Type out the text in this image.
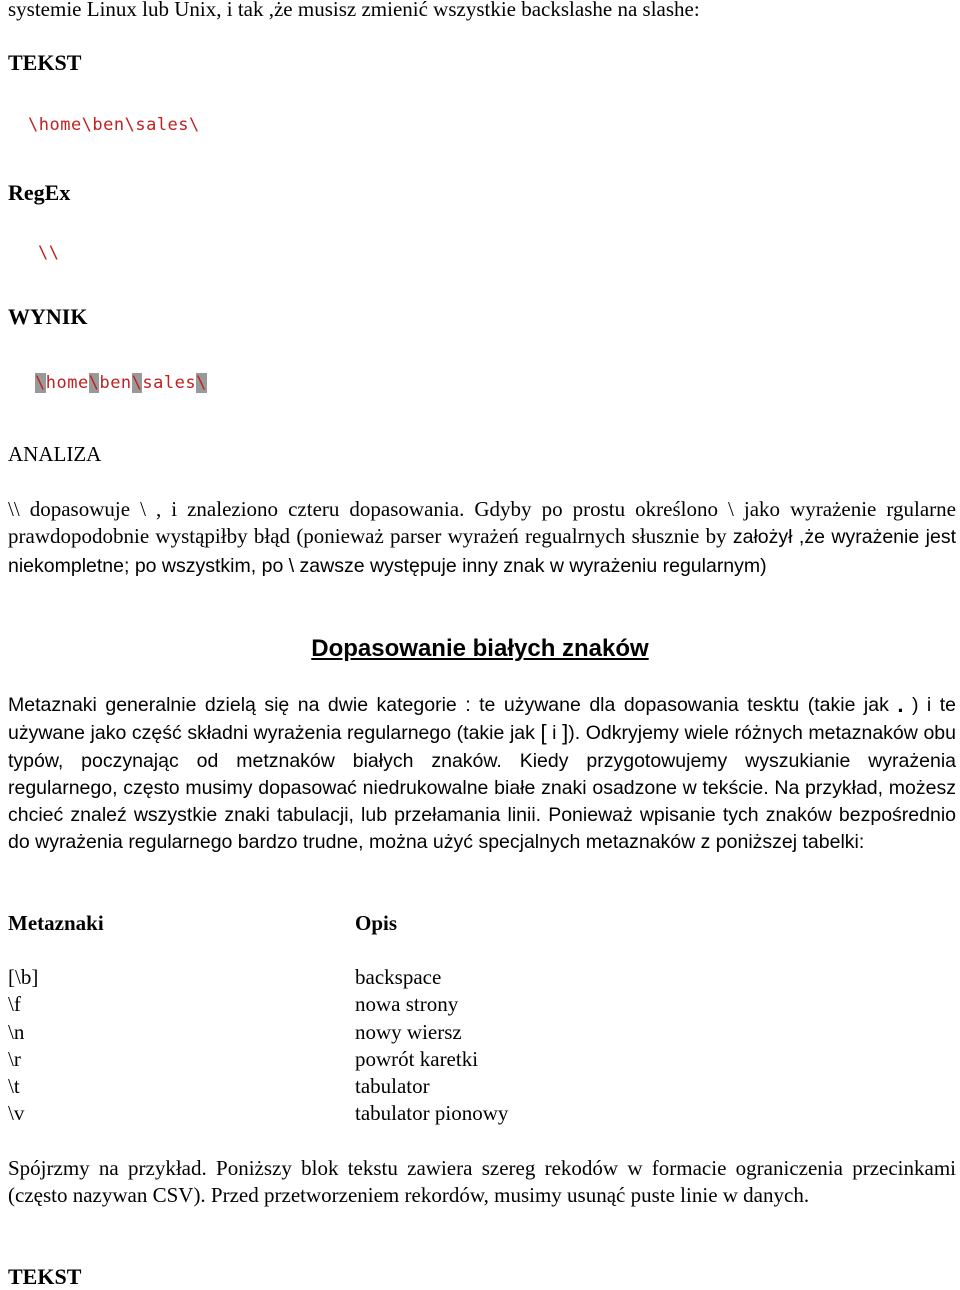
systemie Linux lub Unix, i tak ,że musisz zmienić wszystkie backslashe na slashe:
TEKST
\home\ben\sales\
RegEx
\\
WYNIK
\home\ben\sales\
ANALIZA
\\ dopasowuje \ , i znaleziono czteru dopasowania. Gdyby po prostu określono \ jako wyrażenie rgularne prawdopodobnie wystąpiłby błąd (ponieważ parser wyrażeń regualrnych słusznie by założył ,że wyrażenie jest niekompletne; po wszystkim, po \ zawsze występuje inny znak w wyrażeniu regularnym)
Dopasowanie białych znaków
Metaznaki generalnie dzielą się na dwie kategorie : te używane dla dopasowania tesktu (takie jak . ) i te używane jako część składni wyrażenia regularnego (takie jak [ i ]). Odkryjemy wiele różnych metaznaków obu typów, poczynając od metznaków białych znaków. Kiedy przygotowujemy wyszukianie wyrażenia regularnego, często musimy dopasować niedrukowalne białe znaki osadzone w tekście. Na przykład, możesz chcieć znaleź wszystkie znaki tabulacji, lub przełamania linii. Ponieważ wpisanie tych znaków bezpośrednio do wyrażenia regularnego bardzo trudne, można użyć specjalnych metaznaków z poniższej tabelki:
Metaznaki	Opis
[\b]	backspace
\f	nowa strony
\n	nowy wiersz
\r	powrót karetki
\t	tabulator
\v	tabulator pionowy
Spójrzmy na przykład. Poniższy blok tekstu zawiera szereg rekodów w formacie ograniczenia przecinkami (często nazywan CSV). Przed przetworzeniem rekordów, musimy usunąć puste linie w danych.
TEKST
